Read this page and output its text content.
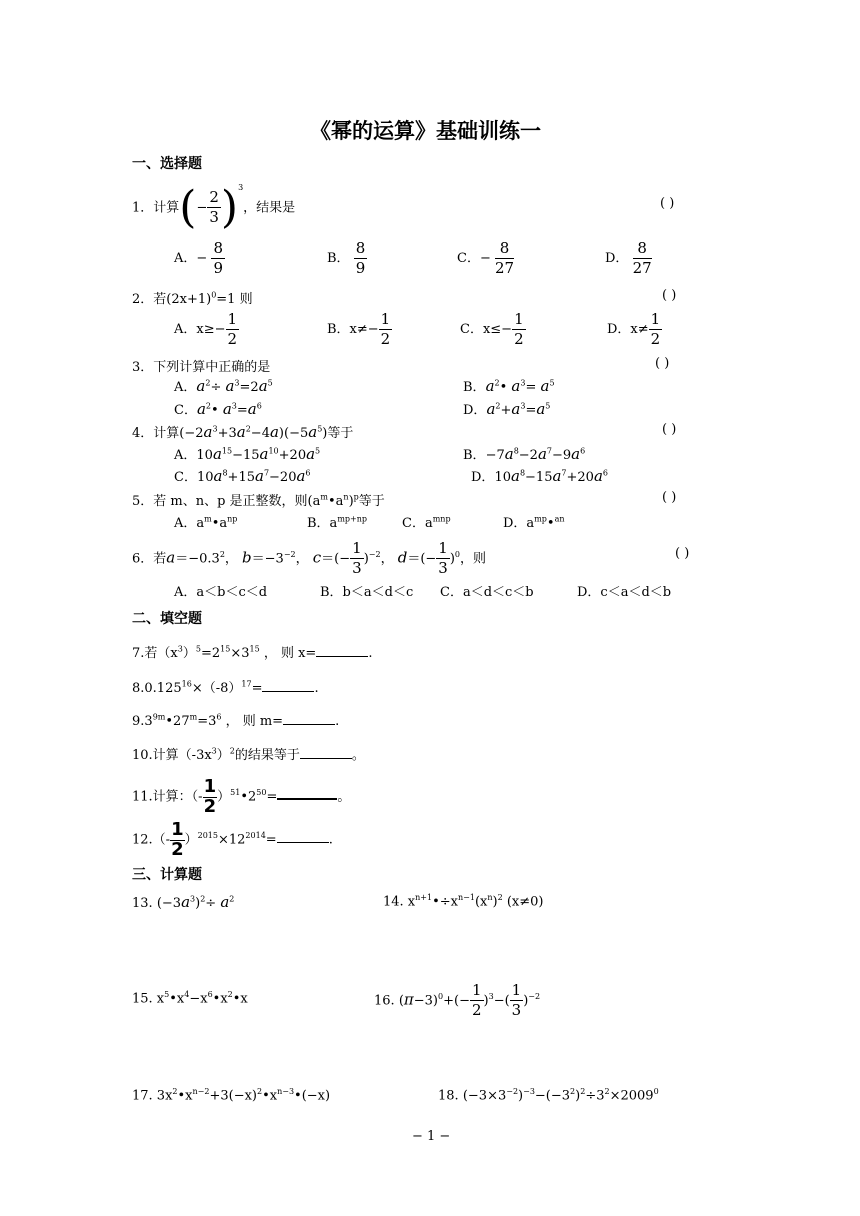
《幂的运算》基础训练一
一、选择题
1．计算(− $\frac{2}{3} )^3$，结果是	( )
A．− $\frac{8}{9}$	B． $\frac{8}{9}$	C．− $\frac{8}{27}$	D． $\frac{8}{27}$
2．若$(2x+1)^0=1$ 则	( )
A．$x\ge- \frac{1}{2}$	B．$x\ne- \frac{1}{2}$	C．$x\le- \frac{1}{2}$	D．$x\ne \frac{1}{2}$
3．下列计算中正确的是	( )
A．$a^2\div a^3=2a^5$	B．$a^2•$ $a^3= a^5$
C．$a^2•$ $a^3=a^6$	D．$a^2+a^3=a^5$
4．计算$(-2a^3+3a^2-4a)(-5a^5)$等于	( )
A．$10a^{15}-15a^{10}+20a^5$	B．$-7a^8-2a^7-9a^6$
C．$10a^8+15a^7-20a^6$	D．$10a^8-15a^7+20a^6$
5．若 m、n、p 是正整数，则$(a^m•a^n)^p$等于	( )
A．$a^m•a^{np}$	B．$a^{mp+np}$	C．$a^{mnp}$	D．$a^{mp}•^{an}$
6．若$a=-0.3^2$， $b=-3^{-2}$， $c=(- \frac{1}{3} )^{-2}$， $d=(- \frac{1}{3} )^0$，则	( )
A．a＜b＜c＜d	B．b＜a＜d＜c C．a＜d＜c＜b	D．c＜a＜d＜b
二、填空题
7.若$(x^3)^5=2^{15}\times 3^{15}$ ， 则 x=	.
$8.0.125^{16}\times(-8)^{17}=$	.
$9.3^{9m}•27^m=3^6$ ， 则 m=	.
10.计算$(-3x^3)^2$的结果等于	。
11.计算：（- $\frac{1}{2}$ ）$^{51}•2^{50}=$	。
$12.(- \frac{1}{2} )^{2015}\times 12^{2014}=$	.
三、计算题
13. $(-3a^3)^2\div a^2$	14. $x^{n+1}•\div x^{n-1}(x^n)^2$ (x≠0)
15. $x^5•x^4-x^6•x^2•x$	16. $(\pi-3)^0+(- \frac{1}{2} )^3-( \frac{1}{3} )^{-2}$
17. $3x^2•x^{n-2}+3(-x)^2•x^{n-3}•(-x)$	18. $(-3\times 3^{-2})^{-3}-(-3^2)^2\div 3^2\times 2009^0$
− 1 −
